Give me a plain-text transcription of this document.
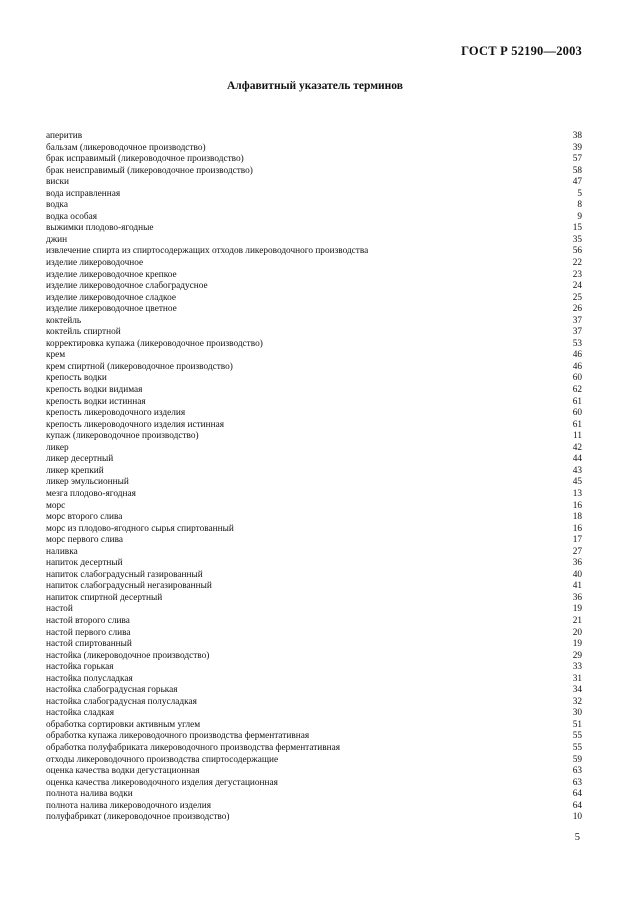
ГОСТ Р 52190—2003
Алфавитный указатель терминов
аперитив	38
бальзам (ликероводочное производство)	39
брак исправимый (ликероводочное производство)	57
брак неисправимый (ликероводочное производство)	58
виски	47
вода исправленная	5
водка	8
водка особая	9
выжимки плодово-ягодные	15
джин	35
извлечение спирта из спиртосодержащих отходов ликероводочного производства	56
изделие ликероводочное	22
изделие ликероводочное крепкое	23
изделие ликероводочное слабоградусное	24
изделие ликероводочное сладкое	25
изделие ликероводочное цветное	26
коктейль	37
коктейль спиртной	37
корректировка купажа (ликероводочное производство)	53
крем	46
крем спиртной (ликероводочное производство)	46
крепость водки	60
крепость водки видимая	62
крепость водки истинная	61
крепость ликероводочного изделия	60
крепость ликероводочного изделия истинная	61
купаж (ликероводочное производство)	11
ликер	42
ликер десертный	44
ликер крепкий	43
ликер эмульсионный	45
мезга плодово-ягодная	13
морс	16
морс второго слива	18
морс из плодово-ягодного сырья спиртованный	16
морс первого слива	17
наливка	27
напиток десертный	36
напиток слабоградусный газированный	40
напиток слабоградусный негазированный	41
напиток спиртной десертный	36
настой	19
настой второго слива	21
настой первого слива	20
настой спиртованный	19
настойка (ликероводочное производство)	29
настойка горькая	33
настойка полусладкая	31
настойка слабоградусная горькая	34
настойка слабоградусная полусладкая	32
настойка сладкая	30
обработка сортировки активным углем	51
обработка купажа ликероводочного производства ферментативная	55
обработка полуфабриката ликероводочного производства ферментативная	55
отходы ликероводочного производства спиртосодержащие	59
оценка качества водки дегустационная	63
оценка качества ликероводочного изделия дегустационная	63
полнота налива водки	64
полнота налива ликероводочного изделия	64
полуфабрикат (ликероводочное производство)	10
5
